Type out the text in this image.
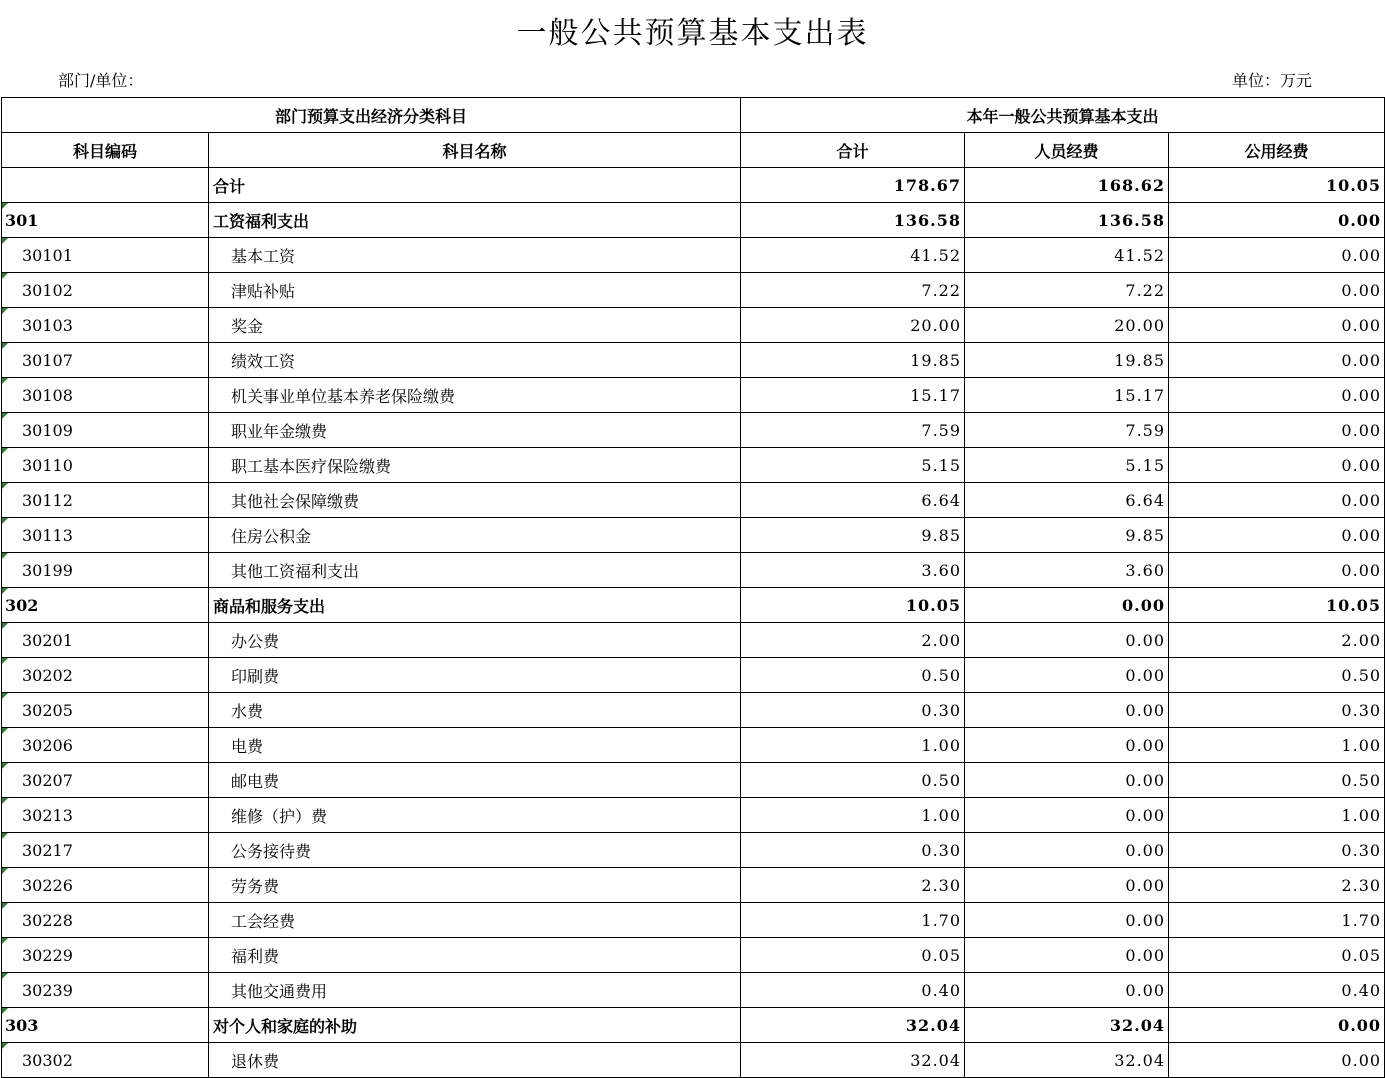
一般公共预算基本支出表
部门/单位：	单位：万元
部门预算支出经济分类科目		本年一般公共预算基本支出		
科目编码	科目名称	合计	人员经费	公用经费
	合计	178.67	168.62	10.05
301	工资福利支出	136.58	136.58	0.00
30101	基本工资	41.52	41.52	0.00
30102	津贴补贴	7.22	7.22	0.00
30103	奖金	20.00	20.00	0.00
30107	绩效工资	19.85	19.85	0.00
30108	机关事业单位基本养老保险缴费	15.17	15.17	0.00
30109	职业年金缴费	7.59	7.59	0.00
30110	职工基本医疗保险缴费	5.15	5.15	0.00
30112	其他社会保障缴费	6.64	6.64	0.00
30113	住房公积金	9.85	9.85	0.00
30199	其他工资福利支出	3.60	3.60	0.00
302	商品和服务支出	10.05	0.00	10.05
30201	办公费	2.00	0.00	2.00
30202	印刷费	0.50	0.00	0.50
30205	水费	0.30	0.00	0.30
30206	电费	1.00	0.00	1.00
30207	邮电费	0.50	0.00	0.50
30213	维修（护）费	1.00	0.00	1.00
30217	公务接待费	0.30	0.00	0.30
30226	劳务费	2.30	0.00	2.30
30228	工会经费	1.70	0.00	1.70
30229	福利费	0.05	0.00	0.05
30239	其他交通费用	0.40	0.00	0.40
303	对个人和家庭的补助	32.04	32.04	0.00
30302	退休费	32.04	32.04	0.00
